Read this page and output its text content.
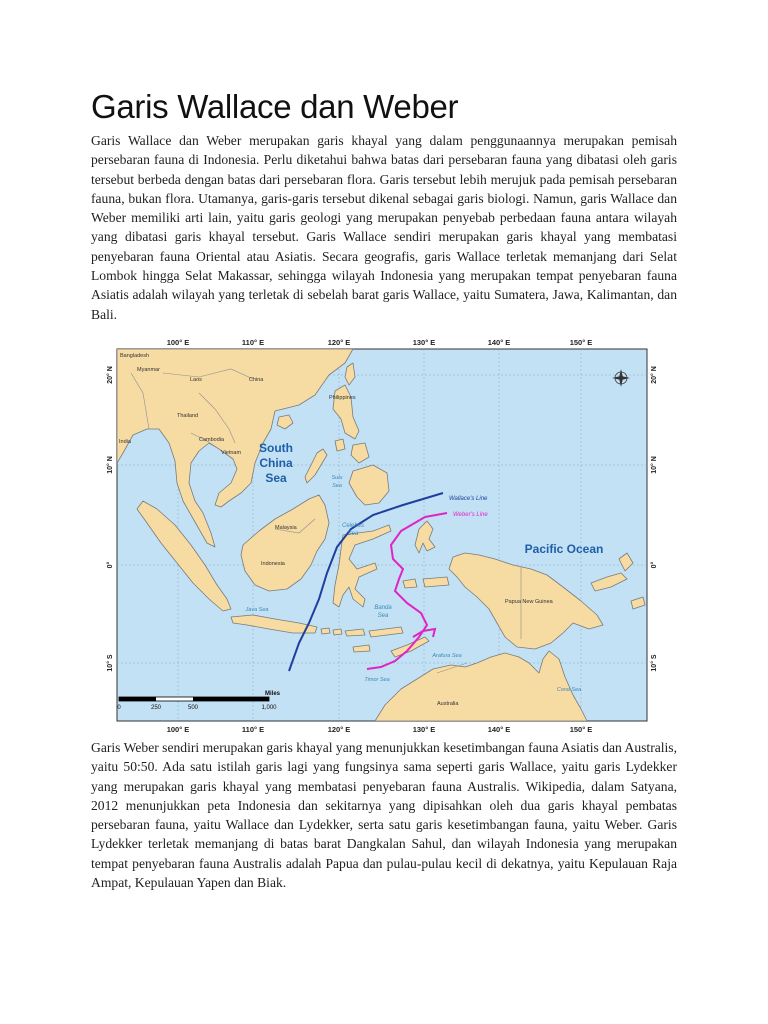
Garis Wallace dan Weber

Garis Wallace dan Weber merupakan garis khayal yang dalam penggunaannya merupakan pemisah persebaran fauna di Indonesia. Perlu diketahui bahwa batas dari persebaran fauna yang dibatasi oleh garis tersebut berbeda dengan batas dari persebaran flora. Garis tersebut lebih merujuk pada pemisah persebaran fauna, bukan flora. Utamanya, garis-garis tersebut dikenal sebagai garis biologi. Namun, garis Wallace dan Weber memiliki arti lain, yaitu garis geologi yang merupakan penyebab perbedaan fauna antara wilayah yang dibatasi garis khayal tersebut. Garis Wallace sendiri merupakan garis khayal yang membatasi penyebaran fauna Oriental atau Asiatis. Secara geografis, garis Wallace terletak memanjang dari Selat Lombok hingga Selat Makassar, sehingga wilayah Indonesia yang merupakan tempat penyebaran fauna Asiatis adalah wilayah yang terletak di sebelah barat garis Wallace, yaitu Sumatera, Jawa, Kalimantan, dan Bali.

100° E	110° E	120° E	130° E	140° E	150° E
100° E	110° E	120° E	130° E	140° E	150° E
20° N
10° N
0°
10° S
20° N
10° N
0°
10° S
Bangladesh
Myanmar
Laos	China
Thailand
Cambodia
Vietnam
India
Philippines
Malaysia
Indonesia
Papua New Guinea
Australia
South
China
Sea
Pacific Ocean
Sulu
Sea
Celebes
Sea
Java Sea	Banda
Sea
Arafura Sea
Timor Sea
Coral Sea
Wallace's Line
Weber's Line
Miles
0	250	500	1,000

Garis Weber sendiri merupakan garis khayal yang menunjukkan kesetimbangan fauna Asiatis dan Australis, yaitu 50:50. Ada satu istilah garis lagi yang fungsinya sama seperti garis Wallace, yaitu garis Lydekker yang merupakan garis khayal yang membatasi penyebaran fauna Australis. Wikipedia, dalam Satyana, 2012 menunjukkan peta Indonesia dan sekitarnya yang dipisahkan oleh dua garis khayal pembatas persebaran fauna, yaitu Wallace dan Lydekker, serta satu garis kesetimbangan fauna, yaitu Weber. Garis Lydekker terletak memanjang di batas barat Dangkalan Sahul, dan wilayah Indonesia yang merupakan tempat penyebaran fauna Australis adalah Papua dan pulau-pulau kecil di dekatnya, yaitu Kepulauan Raja Ampat, Kepulauan Yapen dan Biak.
